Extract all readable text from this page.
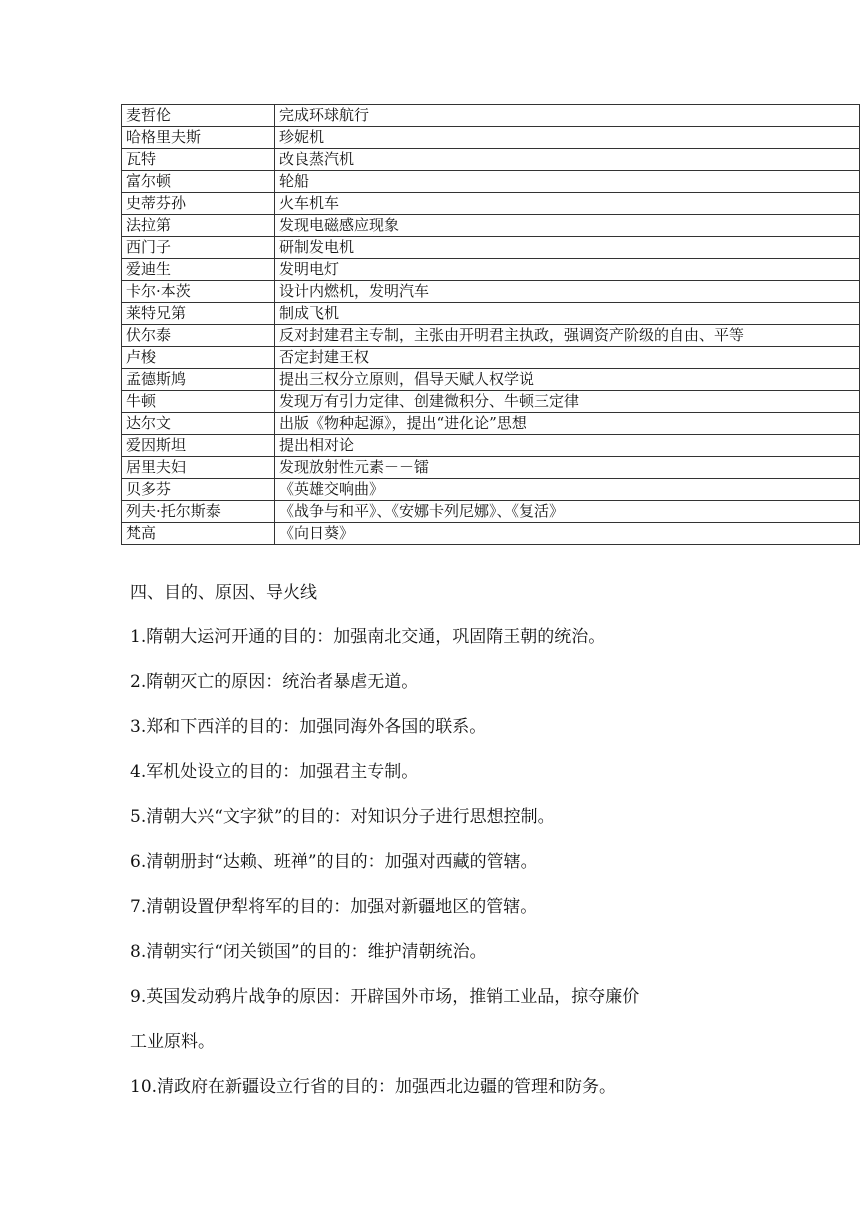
麦哲伦	完成环球航行
哈格里夫斯	珍妮机
瓦特	改良蒸汽机
富尔顿	轮船
史蒂芬孙	火车机车
法拉第	发现电磁感应现象
西门子	研制发电机
爱迪生	发明电灯
卡尔·本茨	设计内燃机，发明汽车
莱特兄第	制成飞机
伏尔泰	反对封建君主专制，主张由开明君主执政，强调资产阶级的自由、平等
卢梭	否定封建王权
孟德斯鸠	提出三权分立原则，倡导天赋人权学说
牛顿	发现万有引力定律、创建微积分、牛顿三定律
达尔文	出版《物种起源》，提出“进化论”思想
爱因斯坦	提出相对论
居里夫妇	发现放射性元素－－镭
贝多芬	《英雄交响曲》
列夫·托尔斯泰	《战争与和平》、《安娜卡列尼娜》、《复活》
梵高	《向日葵》
四、目的、原因、导火线
1.隋朝大运河开通的目的：加强南北交通，巩固隋王朝的统治。
2.隋朝灭亡的原因：统治者暴虐无道。
3.郑和下西洋的目的：加强同海外各国的联系。
4.军机处设立的目的：加强君主专制。
5.清朝大兴“文字狱”的目的：对知识分子进行思想控制。
6.清朝册封“达赖、班禅”的目的：加强对西藏的管辖。
7.清朝设置伊犁将军的目的：加强对新疆地区的管辖。
8.清朝实行“闭关锁国”的目的：维护清朝统治。
9.英国发动鸦片战争的原因：开辟国外市场，推销工业品，掠夺廉价
工业原料。
10.清政府在新疆设立行省的目的：加强西北边疆的管理和防务。
